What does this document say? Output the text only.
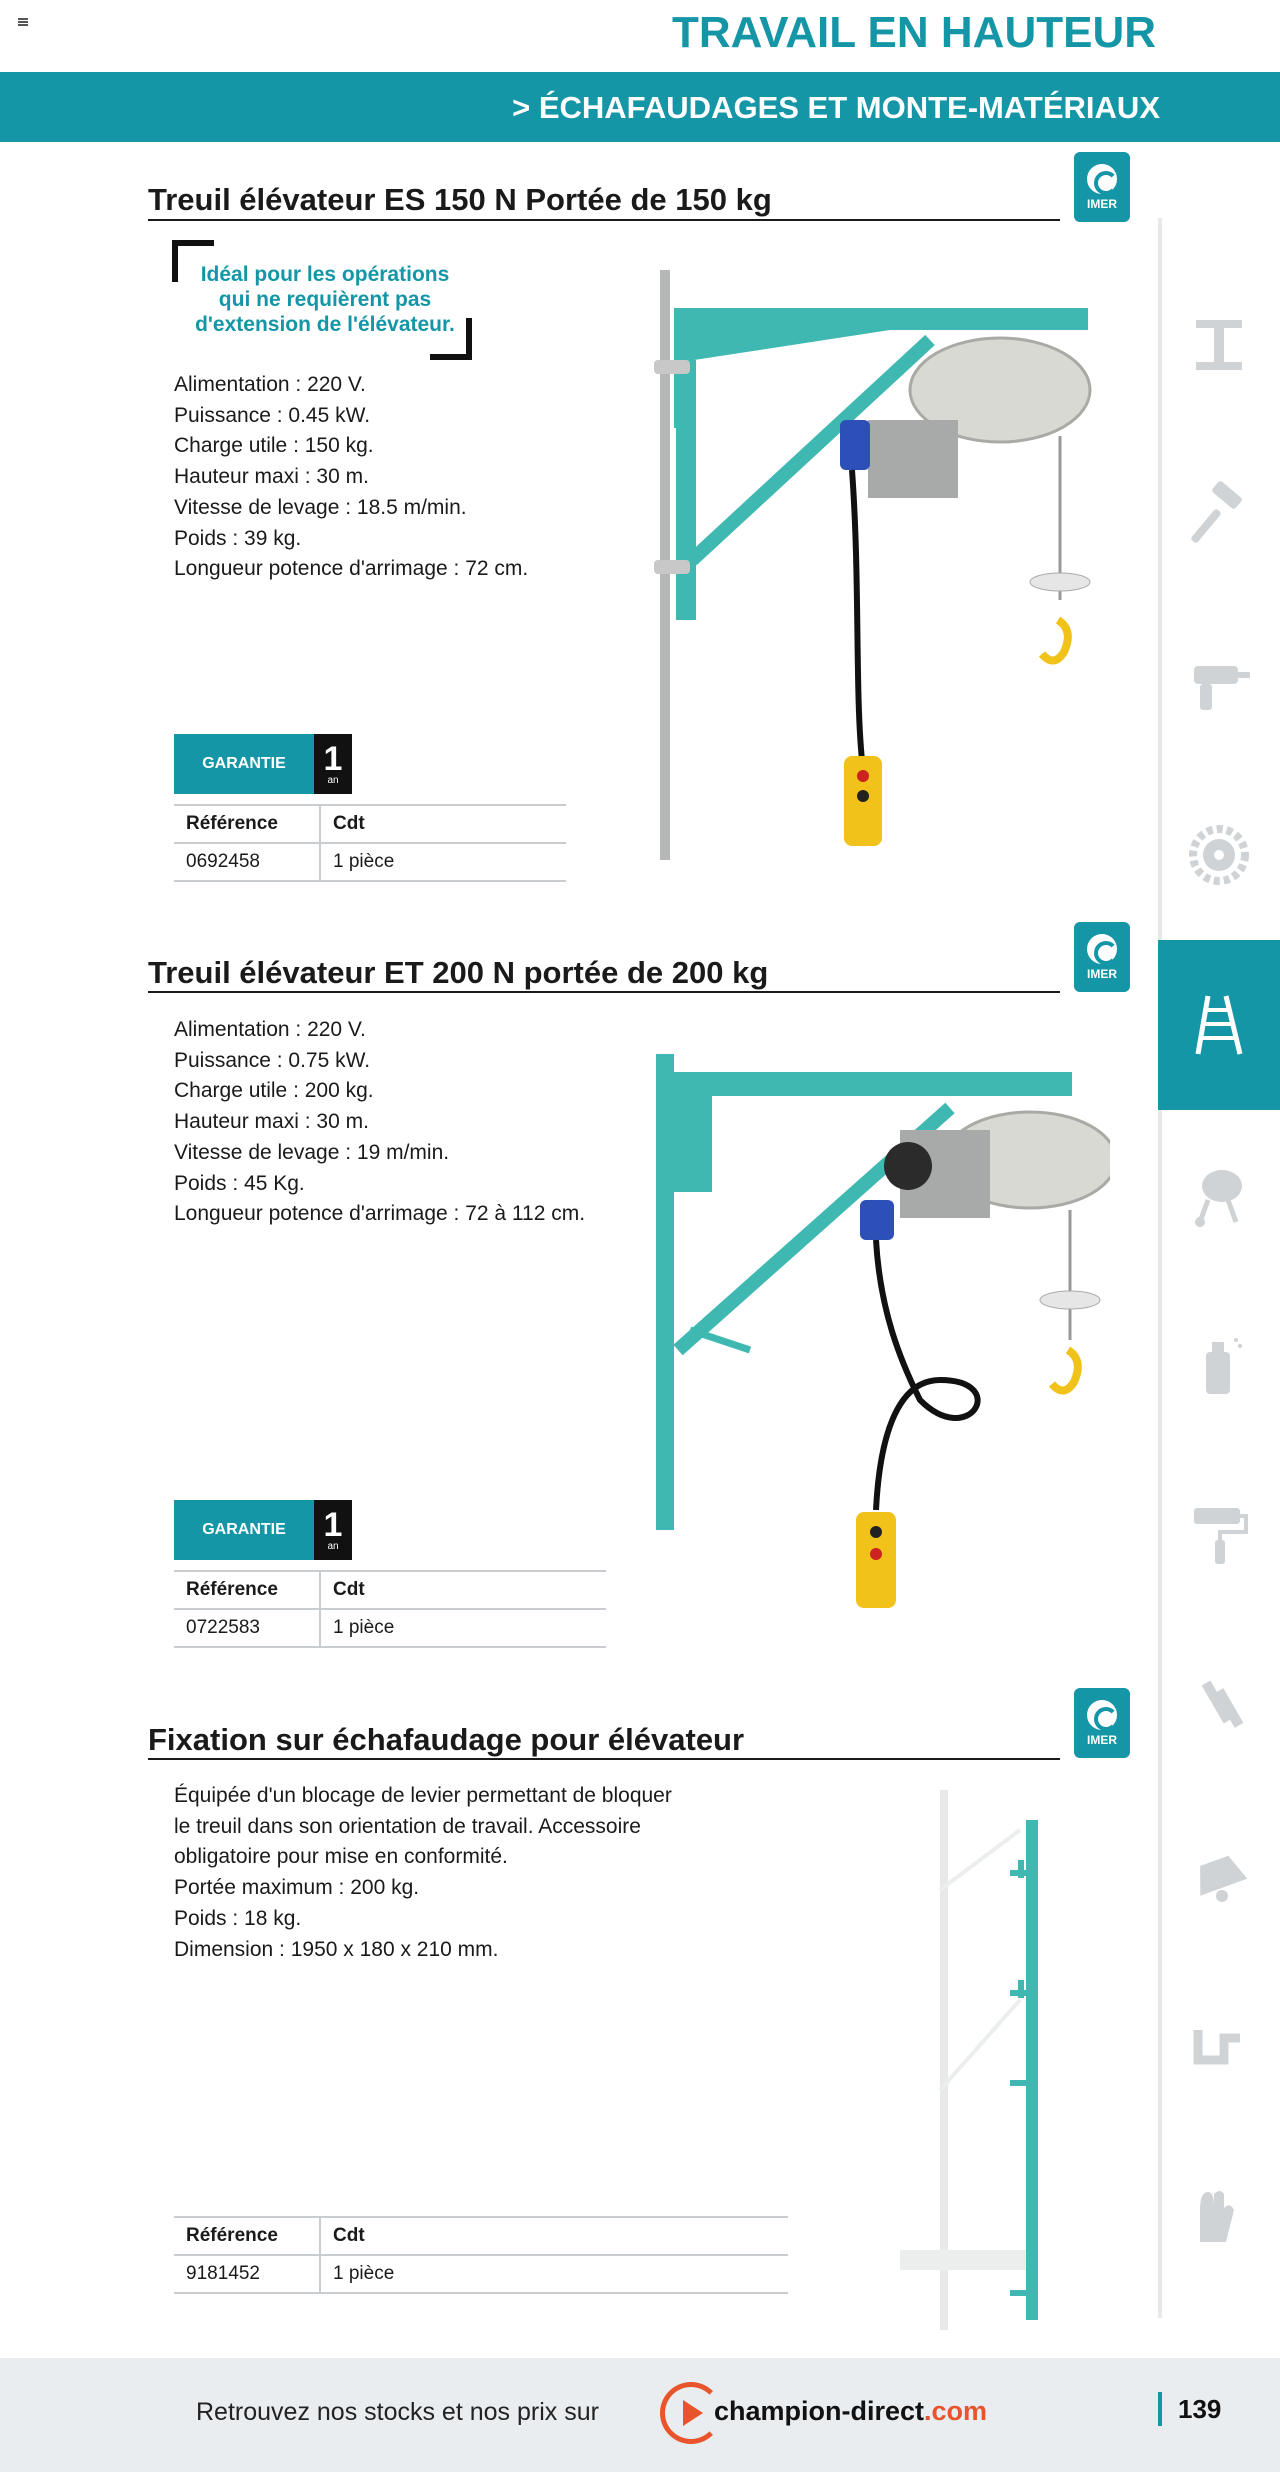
TRAVAIL EN HAUTEUR
> ÉCHAFAUDAGES ET MONTE-MATÉRIAUX
Treuil élévateur ES 150 N Portée de 150 kg	IMER
Idéal pour les opérations
qui ne requièrent pas
d'extension de l'élévateur.
Alimentation : 220 V.
Puissance : 0.45 kW.
Charge utile : 150 kg.
Hauteur maxi : 30 m.
Vitesse de levage : 18.5 m/min.
Poids : 39 kg.
Longueur potence d'arrimage : 72 cm.
GARANTIE	1
an
Référence	Cdt
0692458	1 pièce
Treuil élévateur ET 200 N portée de 200 kg	IMER
Alimentation : 220 V.
Puissance : 0.75 kW.
Charge utile : 200 kg.
Hauteur maxi : 30 m.
Vitesse de levage : 19 m/min.
Poids : 45 Kg.
Longueur potence d'arrimage : 72 à 112 cm.
GARANTIE	1
an
Référence	Cdt
0722583	1 pièce
Fixation sur échafaudage pour élévateur	IMER
Équipée d'un blocage de levier permettant de bloquer
le treuil dans son orientation de travail. Accessoire
obligatoire pour mise en conformité.
Portée maximum : 200 kg.
Poids : 18 kg.
Dimension : 1950 x 180 x 210 mm.
Référence	Cdt
9181452	1 pièce
Retrouvez nos stocks et nos prix sur	champion-direct.com	139
